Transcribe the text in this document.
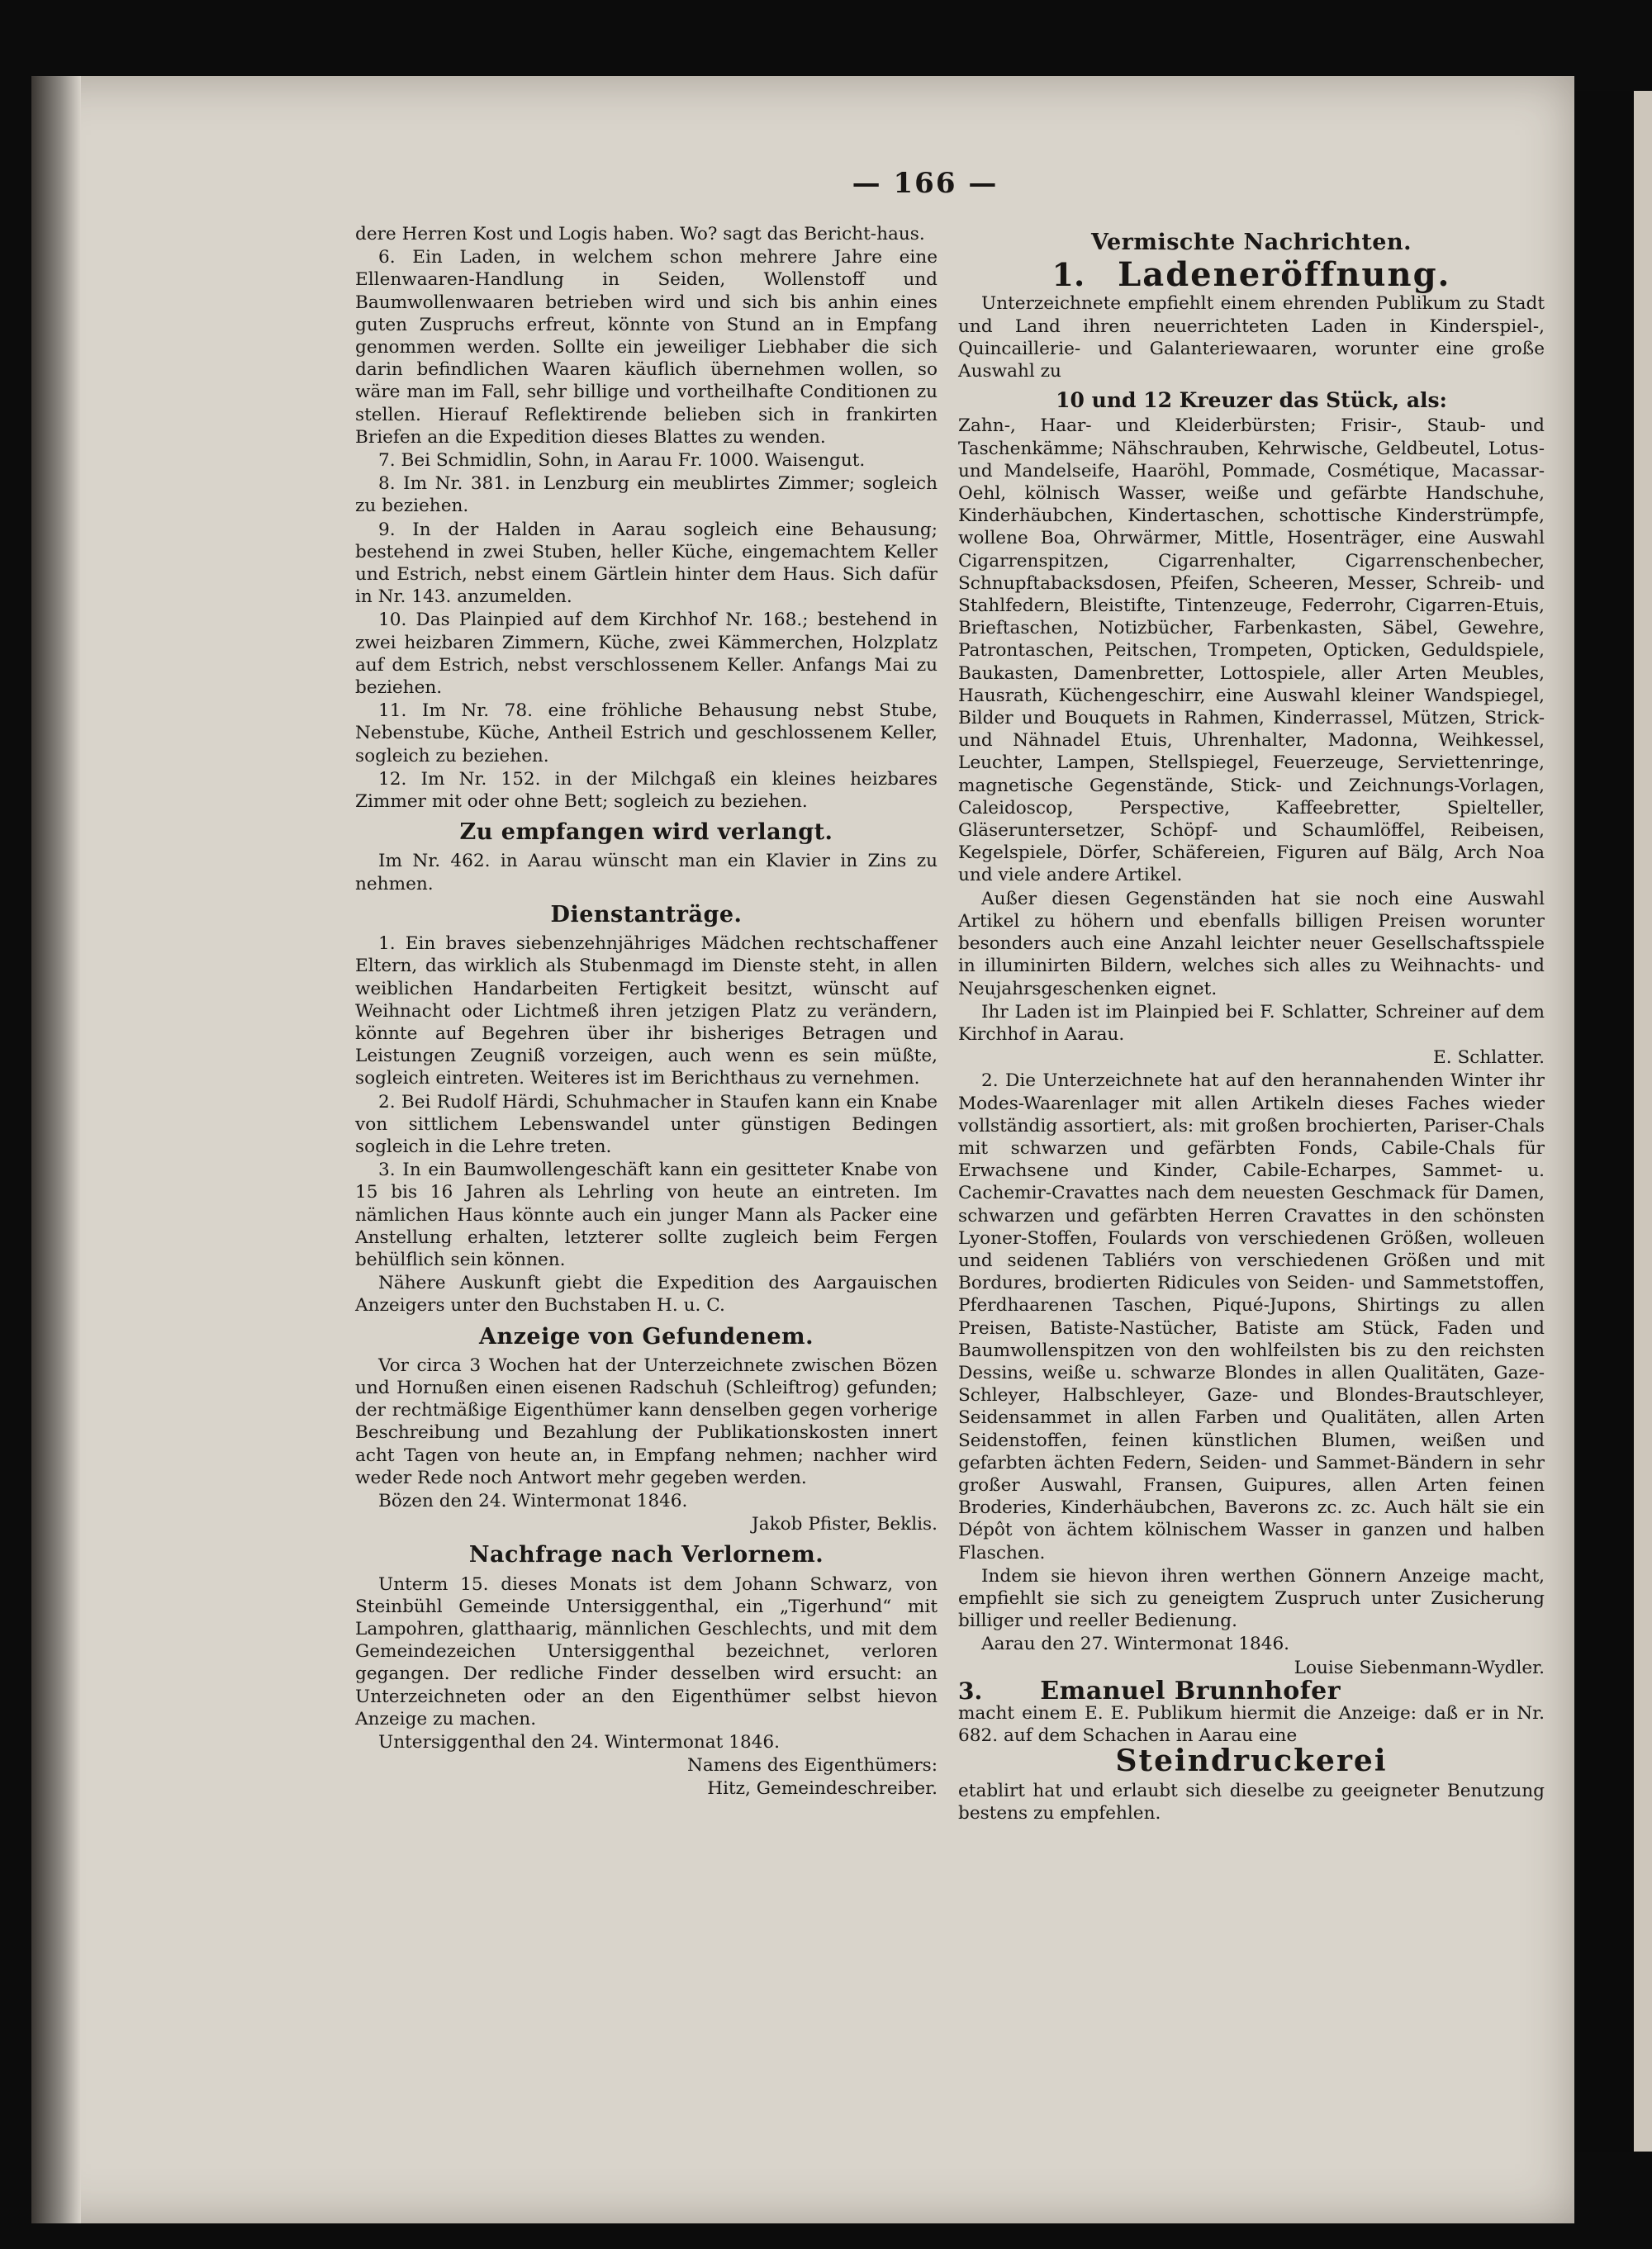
— 166 —

dere Herren Kost und Logis haben. Wo? sagt das Bericht-haus.

6. Ein Laden, in welchem schon mehrere Jahre eine Ellenwaaren-Handlung in Seiden, Wollenstoff und Baumwollenwaaren betrieben wird und sich bis anhin eines guten Zuspruchs erfreut, könnte von Stund an in Empfang genommen werden. Sollte ein jeweiliger Liebhaber die sich darin befindlichen Waaren käuflich übernehmen wollen, so wäre man im Fall, sehr billige und vortheilhafte Conditionen zu stellen. Hierauf Reflektirende belieben sich in frankirten Briefen an die Expedition dieses Blattes zu wenden.

7. Bei Schmidlin, Sohn, in Aarau Fr. 1000. Waisengut.

8. Im Nr. 381. in Lenzburg ein meublirtes Zimmer; sogleich zu beziehen.

9. In der Halden in Aarau sogleich eine Behausung; bestehend in zwei Stuben, heller Küche, eingemachtem Keller und Estrich, nebst einem Gärtlein hinter dem Haus. Sich dafür in Nr. 143. anzumelden.

10. Das Plainpied auf dem Kirchhof Nr. 168.; bestehend in zwei heizbaren Zimmern, Küche, zwei Kämmerchen, Holzplatz auf dem Estrich, nebst verschlossenem Keller. Anfangs Mai zu beziehen.

11. Im Nr. 78. eine fröhliche Behausung nebst Stube, Nebenstube, Küche, Antheil Estrich und geschlossenem Keller, sogleich zu beziehen.

12. Im Nr. 152. in der Milchgaß ein kleines heizbares Zimmer mit oder ohne Bett; sogleich zu beziehen.

Zu empfangen wird verlangt.

Im Nr. 462. in Aarau wünscht man ein Klavier in Zins zu nehmen.

Dienstanträge.

1. Ein braves siebenzehnjähriges Mädchen rechtschaffener Eltern, das wirklich als Stubenmagd im Dienste steht, in allen weiblichen Handarbeiten Fertigkeit besitzt, wünscht auf Weihnacht oder Lichtmeß ihren jetzigen Platz zu verändern, könnte auf Begehren über ihr bisheriges Betragen und Leistungen Zeugniß vorzeigen, auch wenn es sein müßte, sogleich eintreten. Weiteres ist im Berichthaus zu vernehmen.

2. Bei Rudolf Härdi, Schuhmacher in Staufen kann ein Knabe von sittlichem Lebenswandel unter günstigen Bedingen sogleich in die Lehre treten.

3. In ein Baumwollengeschäft kann ein gesitteter Knabe von 15 bis 16 Jahren als Lehrling von heute an eintreten. Im nämlichen Haus könnte auch ein junger Mann als Packer eine Anstellung erhalten, letzterer sollte zugleich beim Fergen behülflich sein können.

Nähere Auskunft giebt die Expedition des Aargauischen Anzeigers unter den Buchstaben H. u. C.

Anzeige von Gefundenem.

Vor circa 3 Wochen hat der Unterzeichnete zwischen Bözen und Hornußen einen eisenen Radschuh (Schleiftrog) gefunden; der rechtmäßige Eigenthümer kann denselben gegen vorherige Beschreibung und Bezahlung der Publikationskosten innert acht Tagen von heute an, in Empfang nehmen; nachher wird weder Rede noch Antwort mehr gegeben werden.

Bözen den 24. Wintermonat 1846.

Jakob Pfister, Beklis.

Nachfrage nach Verlornem.

Unterm 15. dieses Monats ist dem Johann Schwarz, von Steinbühl Gemeinde Untersiggenthal, ein „Tigerhund“ mit Lampohren, glatthaarig, männlichen Geschlechts, und mit dem Gemeindezeichen Untersiggenthal bezeichnet, verloren gegangen. Der redliche Finder desselben wird ersucht: an Unterzeichneten oder an den Eigenthümer selbst hievon Anzeige zu machen.

Untersiggenthal den 24. Wintermonat 1846.

Namens des Eigenthümers:

Hitz, Gemeindeschreiber.

Vermischte Nachrichten.
1. Ladeneröffnung.

Unterzeichnete empfiehlt einem ehrenden Publikum zu Stadt und Land ihren neuerrichteten Laden in Kinderspiel-, Quincaillerie- und Galanteriewaaren, worunter eine große Auswahl zu

10 und 12 Kreuzer das Stück, als:

Zahn-, Haar- und Kleiderbürsten; Frisir-, Staub- und Taschenkämme; Nähschrauben, Kehrwische, Geldbeutel, Lotus- und Mandelseife, Haaröhl, Pommade, Cosmétique, Macassar-Oehl, kölnisch Wasser, weiße und gefärbte Handschuhe, Kinderhäubchen, Kindertaschen, schottische Kinderstrümpfe, wollene Boa, Ohrwärmer, Mittle, Hosenträger, eine Auswahl Cigarrenspitzen, Cigarrenhalter, Cigarrenschenbecher, Schnupftabacksdosen, Pfeifen, Scheeren, Messer, Schreib- und Stahlfedern, Bleistifte, Tintenzeuge, Federrohr, Cigarren-Etuis, Brieftaschen, Notizbücher, Farbenkasten, Säbel, Gewehre, Patrontaschen, Peitschen, Trompeten, Opticken, Geduldspiele, Baukasten, Damenbretter, Lottospiele, aller Arten Meubles, Hausrath, Küchengeschirr, eine Auswahl kleiner Wandspiegel, Bilder und Bouquets in Rahmen, Kinderrassel, Mützen, Strick- und Nähnadel Etuis, Uhrenhalter, Madonna, Weihkessel, Leuchter, Lampen, Stellspiegel, Feuerzeuge, Serviettenringe, magnetische Gegenstände, Stick- und Zeichnungs-Vorlagen, Caleidoscop, Perspective, Kaffeebretter, Spielteller, Gläseruntersetzer, Schöpf- und Schaumlöffel, Reibeisen, Kegelspiele, Dörfer, Schäfereien, Figuren auf Bälg, Arch Noa und viele andere Artikel.

Außer diesen Gegenständen hat sie noch eine Auswahl Artikel zu höhern und ebenfalls billigen Preisen worunter besonders auch eine Anzahl leichter neuer Gesellschaftsspiele in illuminirten Bildern, welches sich alles zu Weihnachts- und Neujahrsgeschenken eignet.

Ihr Laden ist im Plainpied bei F. Schlatter, Schreiner auf dem Kirchhof in Aarau.

E. Schlatter.

2. Die Unterzeichnete hat auf den herannahenden Winter ihr Modes-Waarenlager mit allen Artikeln dieses Faches wieder vollständig assortiert, als: mit großen brochierten, Pariser-Chals mit schwarzen und gefärbten Fonds, Cabile-Chals für Erwachsene und Kinder, Cabile-Echarpes, Sammet- u. Cachemir-Cravattes nach dem neuesten Geschmack für Damen, schwarzen und gefärbten Herren Cravattes in den schönsten Lyoner-Stoffen, Foulards von verschiedenen Größen, wolleuen und seidenen Tabliérs von verschiedenen Größen und mit Bordures, brodierten Ridicules von Seiden- und Sammetstoffen, Pferdhaarenen Taschen, Piqué-Jupons, Shirtings zu allen Preisen, Batiste-Nastücher, Batiste am Stück, Faden und Baumwollenspitzen von den wohlfeilsten bis zu den reichsten Dessins, weiße u. schwarze Blondes in allen Qualitäten, Gaze-Schleyer, Halbschleyer, Gaze- und Blondes-Brautschleyer, Seidensammet in allen Farben und Qualitäten, allen Arten Seidenstoffen, feinen künstlichen Blumen, weißen und gefarbten ächten Federn, Seiden- und Sammet-Bändern in sehr großer Auswahl, Fransen, Guipures, allen Arten feinen Broderies, Kinderhäubchen, Baverons zc. zc. Auch hält sie ein Dépôt von ächtem kölnischem Wasser in ganzen und halben Flaschen.

Indem sie hievon ihren werthen Gönnern Anzeige macht, empfiehlt sie sich zu geneigtem Zuspruch unter Zusicherung billiger und reeller Bedienung.

Aarau den 27. Wintermonat 1846.

Louise Siebenmann-Wydler.

3. Emanuel Brunnhofer

macht einem E. E. Publikum hiermit die Anzeige: daß er in Nr. 682. auf dem Schachen in Aarau eine

Steindruckerei

etablirt hat und erlaubt sich dieselbe zu geeigneter Benutzung bestens zu empfehlen.
